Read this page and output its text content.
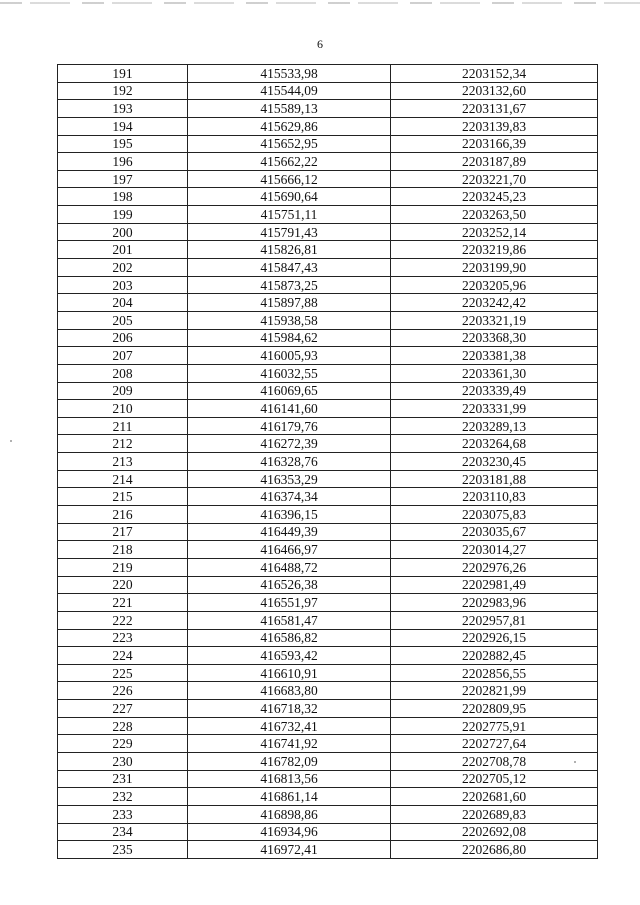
6
191	415533,98	2203152,34
192	415544,09	2203132,60
193	415589,13	2203131,67
194	415629,86	2203139,83
195	415652,95	2203166,39
196	415662,22	2203187,89
197	415666,12	2203221,70
198	415690,64	2203245,23
199	415751,11	2203263,50
200	415791,43	2203252,14
201	415826,81	2203219,86
202	415847,43	2203199,90
203	415873,25	2203205,96
204	415897,88	2203242,42
205	415938,58	2203321,19
206	415984,62	2203368,30
207	416005,93	2203381,38
208	416032,55	2203361,30
209	416069,65	2203339,49
210	416141,60	2203331,99
211	416179,76	2203289,13
212	416272,39	2203264,68
213	416328,76	2203230,45
214	416353,29	2203181,88
215	416374,34	2203110,83
216	416396,15	2203075,83
217	416449,39	2203035,67
218	416466,97	2203014,27
219	416488,72	2202976,26
220	416526,38	2202981,49
221	416551,97	2202983,96
222	416581,47	2202957,81
223	416586,82	2202926,15
224	416593,42	2202882,45
225	416610,91	2202856,55
226	416683,80	2202821,99
227	416718,32	2202809,95
228	416732,41	2202775,91
229	416741,92	2202727,64
230	416782,09	2202708,78
231	416813,56	2202705,12
232	416861,14	2202681,60
233	416898,86	2202689,83
234	416934,96	2202692,08
235	416972,41	2202686,80
